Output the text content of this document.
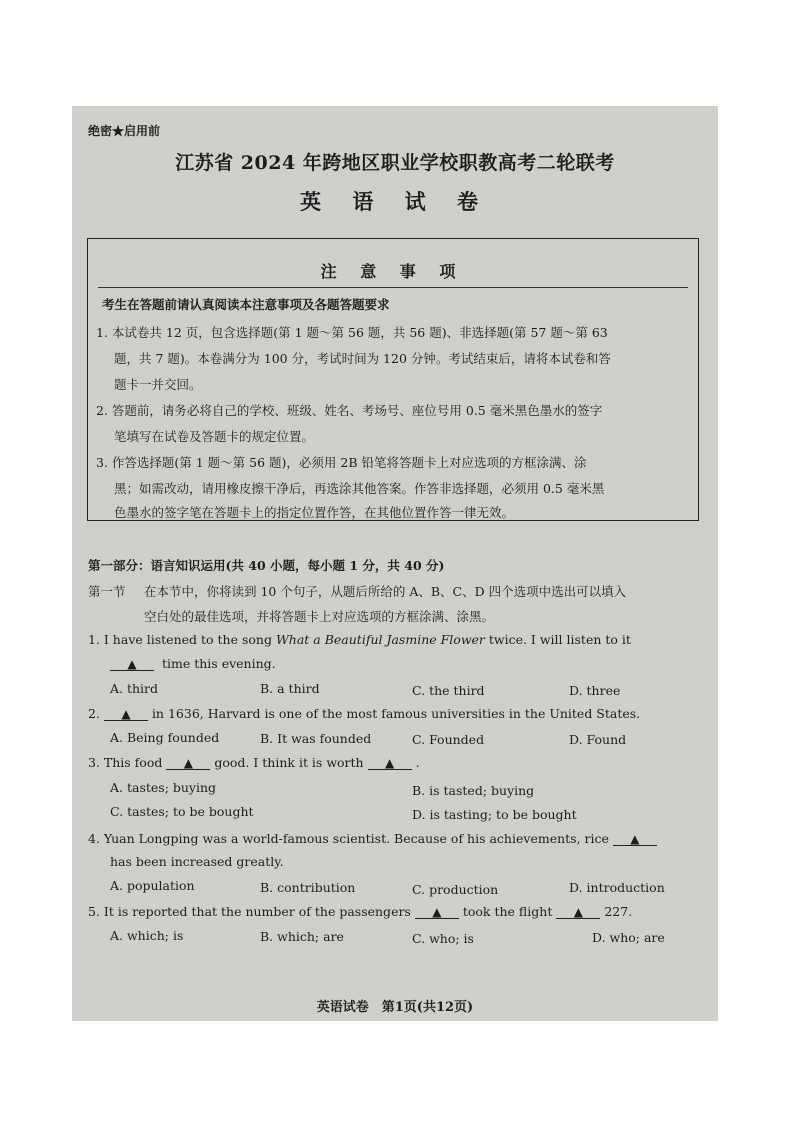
绝密★启用前
江苏省 2024 年跨地区职业学校职教高考二轮联考
英 语 试 卷
注 意 事 项
考生在答题前请认真阅读本注意事项及各题答题要求
1. 本试卷共 12 页，包含选择题(第 1 题～第 56 题，共 56 题)、非选择题(第 57 题～第 63
题，共 7 题)。本卷满分为 100 分，考试时间为 120 分钟。考试结束后，请将本试卷和答
题卡一并交回。
2. 答题前，请务必将自己的学校、班级、姓名、考场号、座位号用 0.5 毫米黑色墨水的签字
笔填写在试卷及答题卡的规定位置。
3. 作答选择题(第 1 题～第 56 题)，必须用 2B 铅笔将答题卡上对应选项的方框涂满、涂
黑；如需改动，请用橡皮擦干净后，再选涂其他答案。作答非选择题，必须用 0.5 毫米黑
色墨水的签字笔在答题卡上的指定位置作答，在其他位置作答一律无效。
第一部分：语言知识运用(共 40 小题，每小题 1 分，共 40 分)
第一节 在本节中，你将读到 10 个句子，从题后所给的 A、B、C、D 四个选项中选出可以填入
空白处的最佳选项，并将答题卡上对应选项的方框涂满、涂黑。
1. I have listened to the song What a Beautiful Jasmine Flower twice. I will listen to it
▲ time this evening.
A. third	B. a third	C. the third	D. three
2. ▲ in 1636, Harvard is one of the most famous universities in the United States.
A. Being founded	B. It was founded	C. Founded	D. Found
3. This food ▲ good. I think it is worth ▲ .
A. tastes; buying	B. is tasted; buying
C. tastes; to be bought	D. is tasting; to be bought
4. Yuan Longping was a world-famous scientist. Because of his achievements, rice ▲
has been increased greatly.
A. population	B. contribution	C. production	D. introduction
5. It is reported that the number of the passengers ▲ took the flight ▲ 227.
A. which; is	B. which; are	C. who; is	D. who; are
英语试卷　第1页(共12页)
